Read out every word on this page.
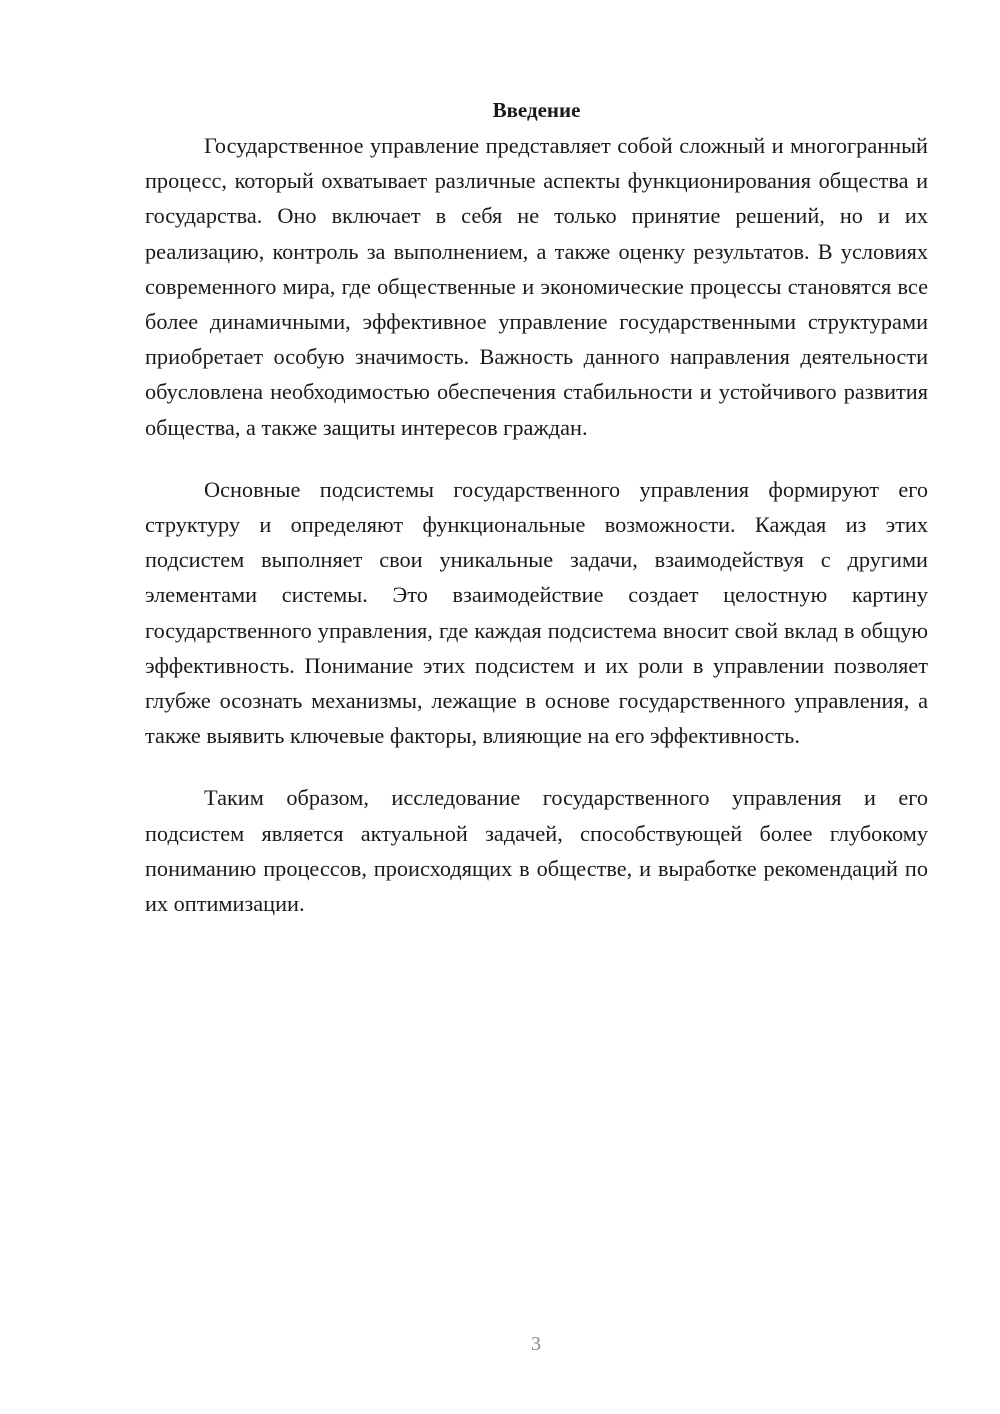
Введение

Государственное управление представляет собой сложный и многогранный процесс, который охватывает различные аспекты функционирования общества и государства. Оно включает в себя не только принятие решений, но и их реализацию, контроль за выполнением, а также оценку результатов. В условиях современного мира, где общественные и экономические процессы становятся все более динамичными, эффективное управление государственными структурами приобретает особую значимость. Важность данного направления деятельности обусловлена необходимостью обеспечения стабильности и устойчивого развития общества, а также защиты интересов граждан.

Основные подсистемы государственного управления формируют его структуру и определяют функциональные возможности. Каждая из этих подсистем выполняет свои уникальные задачи, взаимодействуя с другими элементами системы. Это взаимодействие создает целостную картину государственного управления, где каждая подсистема вносит свой вклад в общую эффективность. Понимание этих подсистем и их роли в управлении позволяет глубже осознать механизмы, лежащие в основе государственного управления, а также выявить ключевые факторы, влияющие на его эффективность.

Таким образом, исследование государственного управления и его подсистем является актуальной задачей, способствующей более глубокому пониманию процессов, происходящих в обществе, и выработке рекомендаций по их оптимизации.

3
